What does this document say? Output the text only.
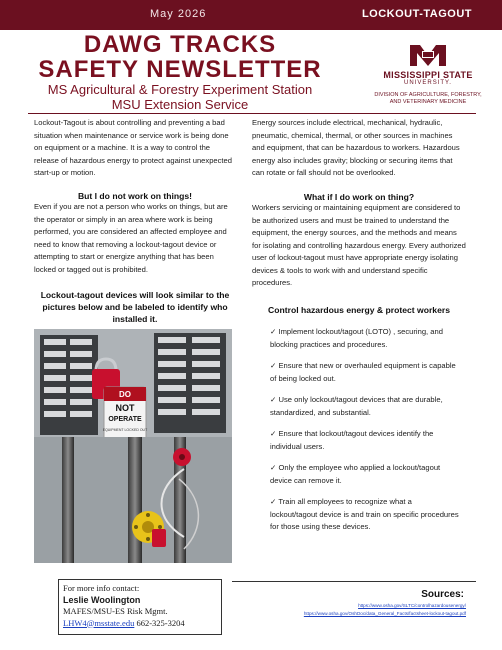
May 2026	LOCKOUT-TAGOUT
DAWG TRACKS
SAFETY NEWSLETTER
MS Agricultural & Forestry Experiment Station
MSU Extension Service
MISSISSIPPI STATE
UNIVERSITY.
DIVISION OF AGRICULTURE, FORESTRY,
AND VETERINARY MEDICINE
Lockout-Tagout is about controlling and preventing a bad situation when maintenance or service work is being done on equipment or a machine. It is a way to control the release of hazardous energy to protect against unexpected start-up or motion.
But I do not work on things!
Even if you are not a person who works on things, but are the operator or simply in an area where work is being performed, you are considered an affected employee and need to know that removing a lockout-tagout device or attempting to start or energize anything that has been locked or tagged out is prohibited.
Lockout-tagout devices will look similar to the pictures below and be labeled to identify who installed it.
DO
NOT
OPERATE
EQUIPMENT LOCKED OUT
Energy sources include electrical, mechanical, hydraulic, pneumatic, chemical, thermal, or other sources in machines and equipment, that can be hazardous to workers. Hazardous energy also includes gravity; blocking or securing items that can rotate or fall should not be overlooked.
What if I do work on thing?
Workers servicing or maintaining equipment are considered to be authorized users and must be trained to understand the equipment, the energy sources, and the methods and means for isolating and controlling hazardous energy. Every authorized user of lockout-tagout must have appropriate energy isolating devices & tools to work with and understand specific procedures.
Control hazardous energy & protect workers
✓ Implement lockout/tagout (LOTO) , securing, and blocking practices and procedures.
✓ Ensure that new or overhauled equipment is capable of being locked out.
✓ Use only lockout/tagout devices that are durable, standardized, and substantial.
✓ Ensure that lockout/tagout devices identify the individual users.
✓ Only the employee who applied a lockout/tagout device can remove it.
✓ Train all employees to recognize what a lockout/tagout device is and train on specific procedures for those using these devices.
For more info contact:
Leslie Woolington
MAFES/MSU-ES Risk Mgmt.
LHW4@msstate.edu 662-325-3204
Sources:
https://www.osha.gov/SLTC/controlhazardousenergy/
https://www.osha.gov/OshDoc/data_General_Facts/factsheet-lockout-tagout.pdf
